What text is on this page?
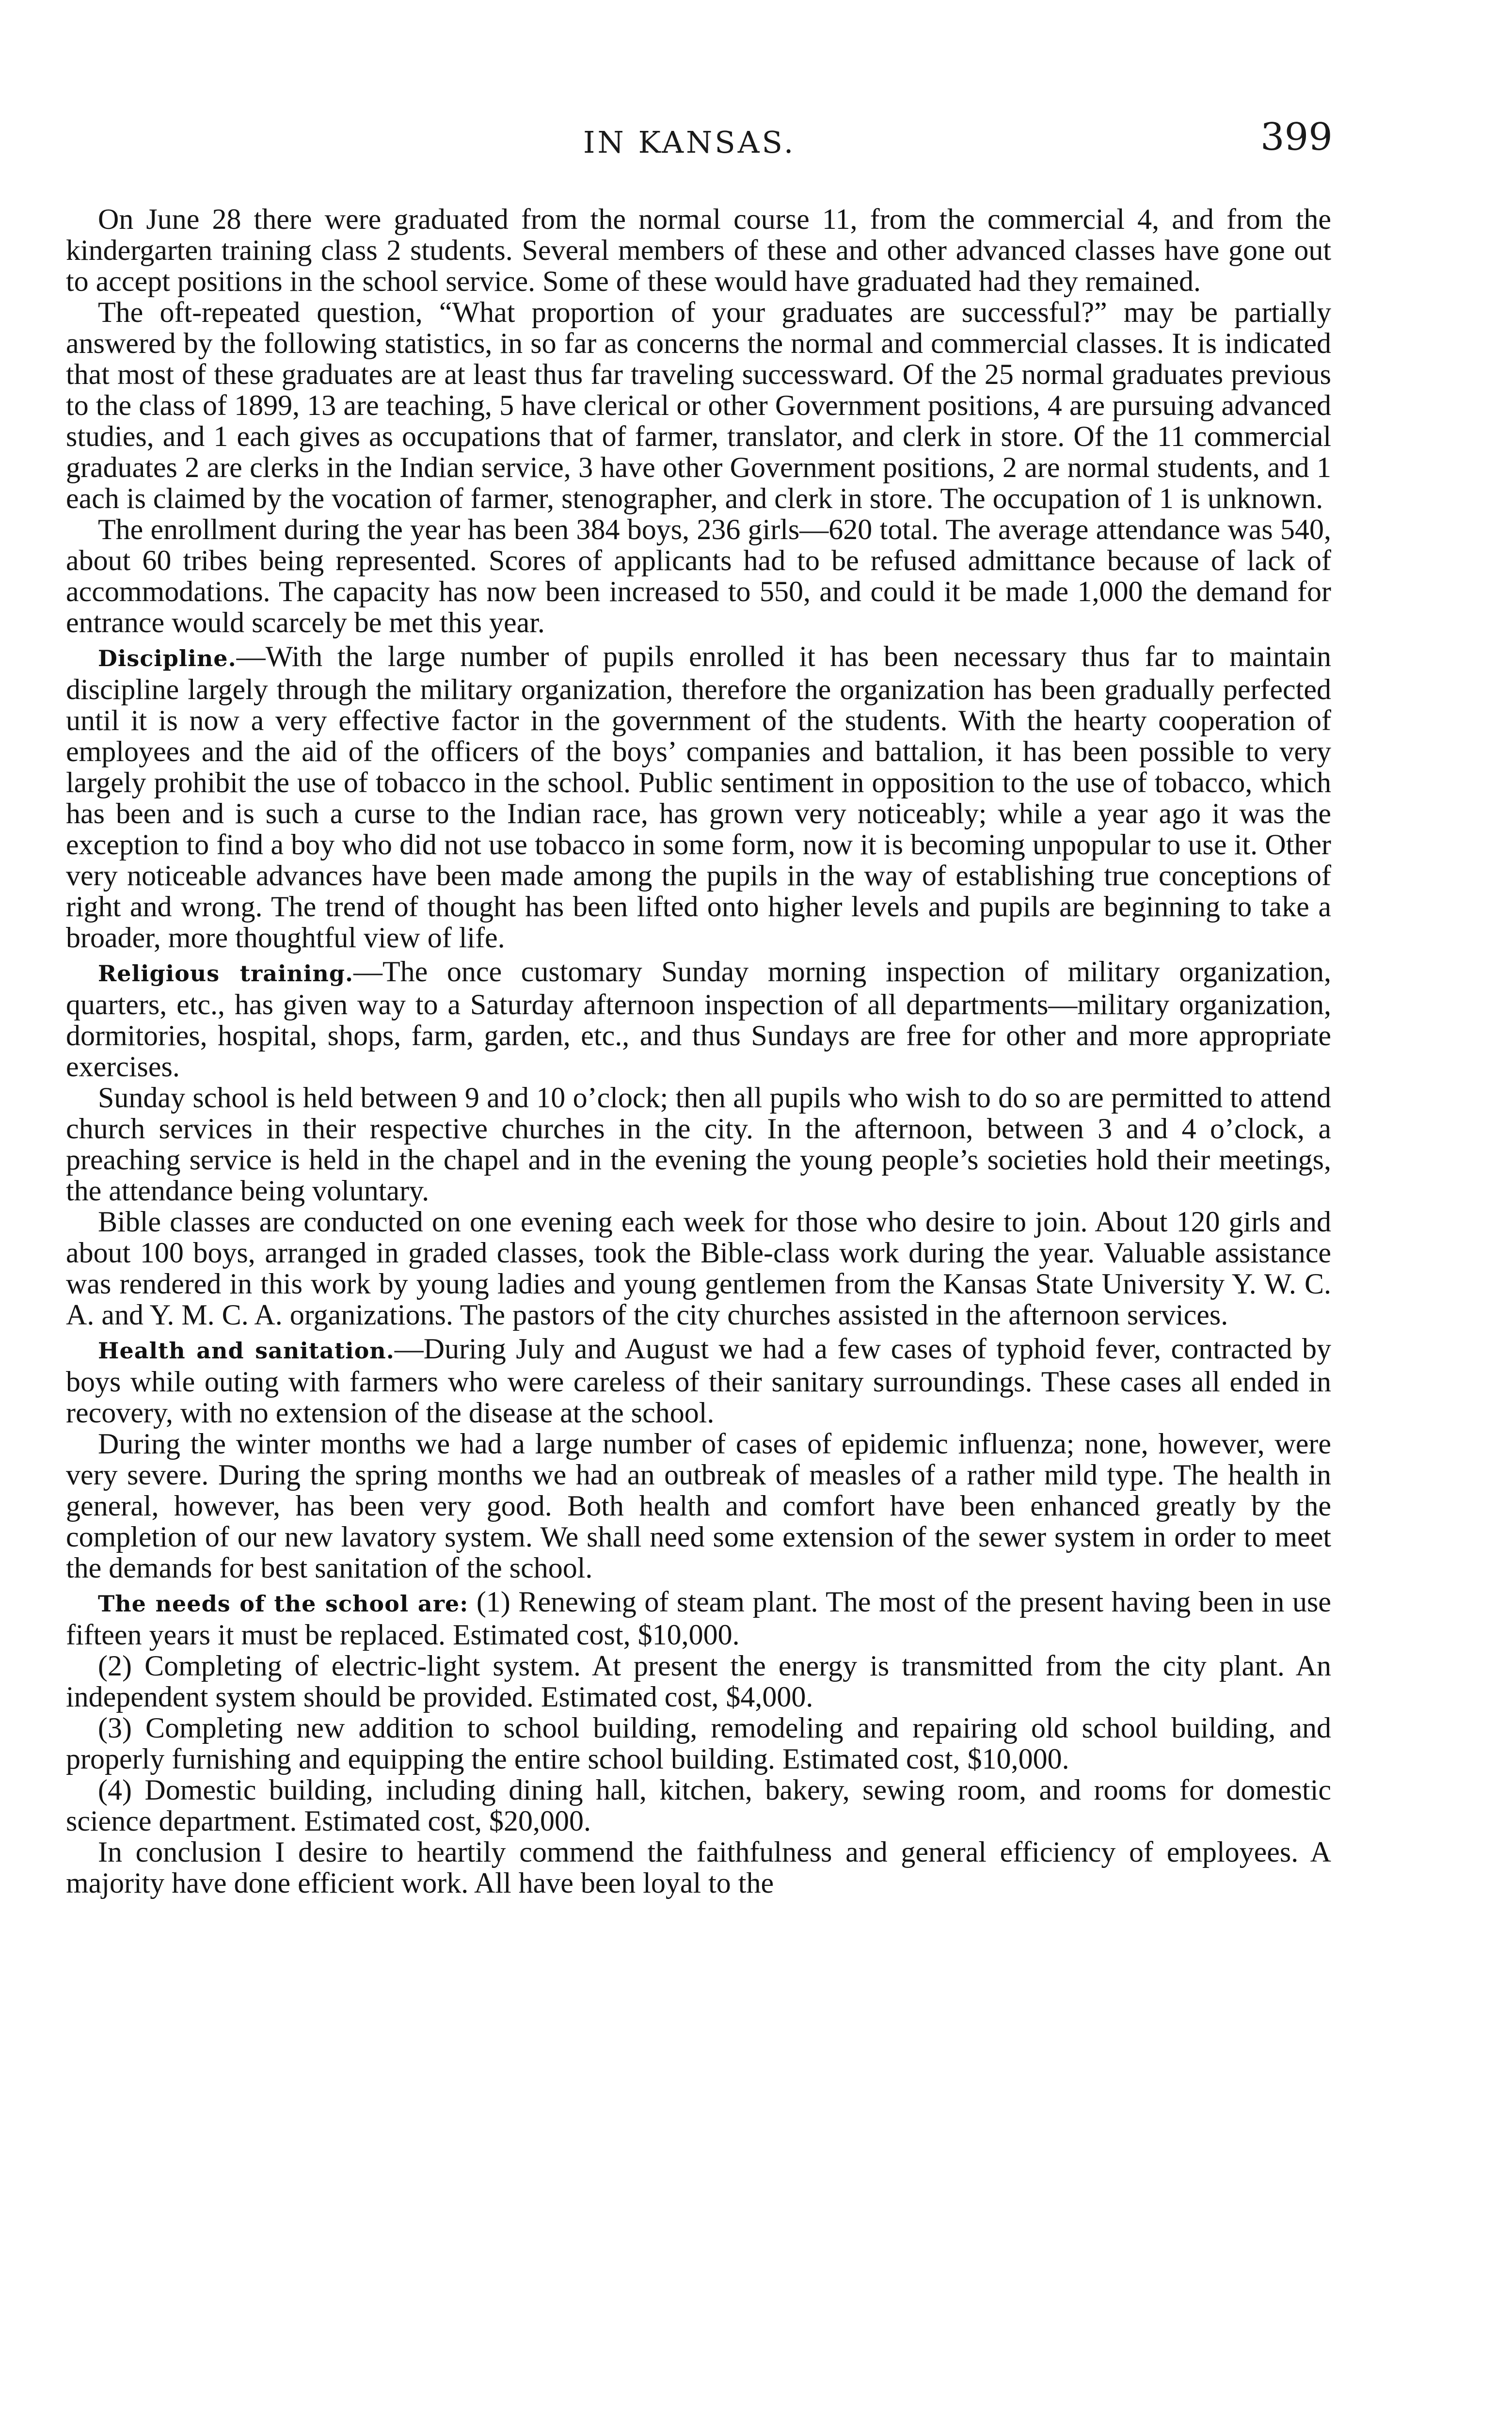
IN KANSAS.	399

On June 28 there were graduated from the normal course 11, from the commercial 4, and from the kindergarten training class 2 students. Several members of these and other advanced classes have gone out to accept positions in the school service. Some of these would have graduated had they remained.

The oft-repeated question, “What proportion of your graduates are successful?” may be partially answered by the following statistics, in so far as concerns the normal and commercial classes. It is indicated that most of these graduates are at least thus far traveling successward. Of the 25 normal graduates previous to the class of 1899, 13 are teaching, 5 have clerical or other Government positions, 4 are pursuing advanced studies, and 1 each gives as occupations that of farmer, translator, and clerk in store. Of the 11 commercial graduates 2 are clerks in the Indian service, 3 have other Government positions, 2 are normal students, and 1 each is claimed by the vocation of farmer, stenographer, and clerk in store. The occupation of 1 is unknown.

The enrollment during the year has been 384 boys, 236 girls—620 total. The average attendance was 540, about 60 tribes being represented. Scores of applicants had to be refused admittance because of lack of accommodations. The capacity has now been increased to 550, and could it be made 1,000 the demand for entrance would scarcely be met this year.

Discipline.—With the large number of pupils enrolled it has been necessary thus far to maintain discipline largely through the military organization, therefore the organization has been gradually perfected until it is now a very effective factor in the government of the students. With the hearty cooperation of employees and the aid of the officers of the boys’ companies and battalion, it has been possible to very largely prohibit the use of tobacco in the school. Public sentiment in opposition to the use of tobacco, which has been and is such a curse to the Indian race, has grown very noticeably; while a year ago it was the exception to find a boy who did not use tobacco in some form, now it is becoming unpopular to use it. Other very noticeable advances have been made among the pupils in the way of establishing true conceptions of right and wrong. The trend of thought has been lifted onto higher levels and pupils are beginning to take a broader, more thoughtful view of life.

Religious training.—The once customary Sunday morning inspection of military organization, quarters, etc., has given way to a Saturday afternoon inspection of all departments—military organization, dormitories, hospital, shops, farm, garden, etc., and thus Sundays are free for other and more appropriate exercises.

Sunday school is held between 9 and 10 o’clock; then all pupils who wish to do so are permitted to attend church services in their respective churches in the city. In the afternoon, between 3 and 4 o’clock, a preaching service is held in the chapel and in the evening the young people’s societies hold their meetings, the attendance being voluntary.

Bible classes are conducted on one evening each week for those who desire to join. About 120 girls and about 100 boys, arranged in graded classes, took the Bible-class work during the year. Valuable assistance was rendered in this work by young ladies and young gentlemen from the Kansas State University Y. W. C. A. and Y. M. C. A. organizations. The pastors of the city churches assisted in the afternoon services.

Health and sanitation.—During July and August we had a few cases of typhoid fever, contracted by boys while outing with farmers who were careless of their sanitary surroundings. These cases all ended in recovery, with no extension of the disease at the school.

During the winter months we had a large number of cases of epidemic influenza; none, however, were very severe. During the spring months we had an outbreak of measles of a rather mild type. The health in general, however, has been very good. Both health and comfort have been enhanced greatly by the completion of our new lavatory system. We shall need some extension of the sewer system in order to meet the demands for best sanitation of the school.

The needs of the school are: (1) Renewing of steam plant. The most of the present having been in use fifteen years it must be replaced. Estimated cost, $10,000.

(2) Completing of electric-light system. At present the energy is transmitted from the city plant. An independent system should be provided. Estimated cost, $4,000.

(3) Completing new addition to school building, remodeling and repairing old school building, and properly furnishing and equipping the entire school building. Estimated cost, $10,000.

(4) Domestic building, including dining hall, kitchen, bakery, sewing room, and rooms for domestic science department. Estimated cost, $20,000.

In conclusion I desire to heartily commend the faithfulness and general efficiency of employees. A majority have done efficient work. All have been loyal to the
